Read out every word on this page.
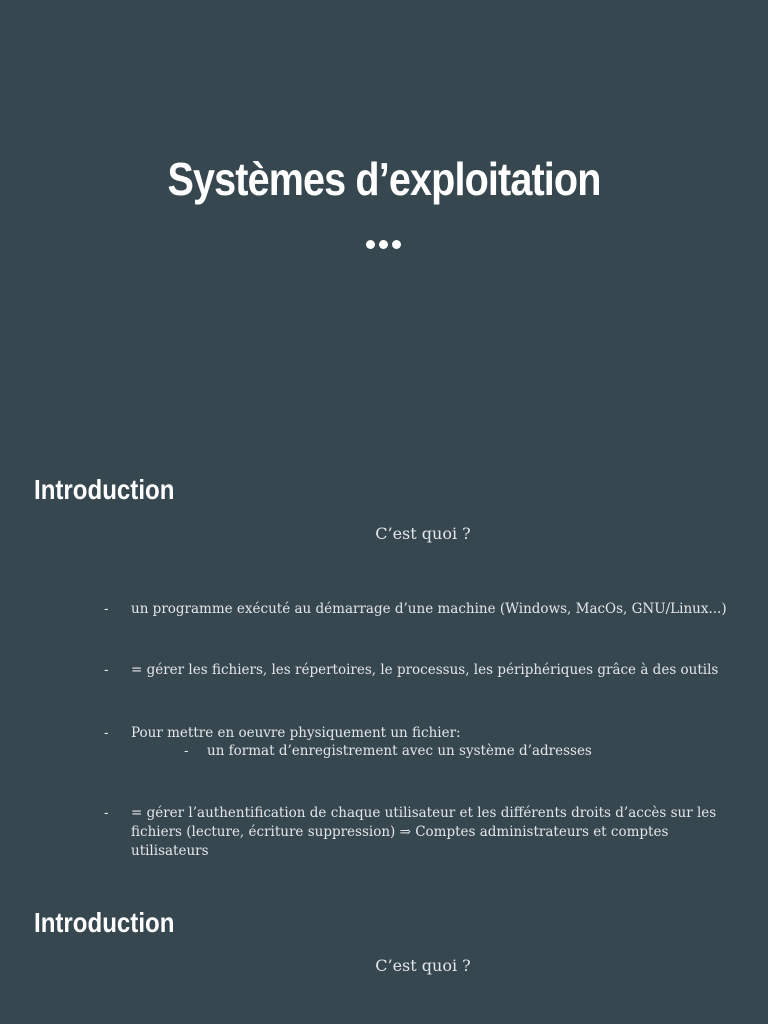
Systèmes d’exploitation
Introduction
C’est quoi ?
- un programme exécuté au démarrage d’une machine (Windows, MacOs, GNU/Linux...)
- = gérer les fichiers, les répertoires, le processus, les périphériques grâce à des outils
- Pour mettre en oeuvre physiquement un fichier:
- un format d’enregistrement avec un système d’adresses
- = gérer l’authentification de chaque utilisateur et les différents droits d’accès sur les fichiers (lecture, écriture suppression) ⇒ Comptes administrateurs et comptes utilisateurs
Introduction
C’est quoi ?
